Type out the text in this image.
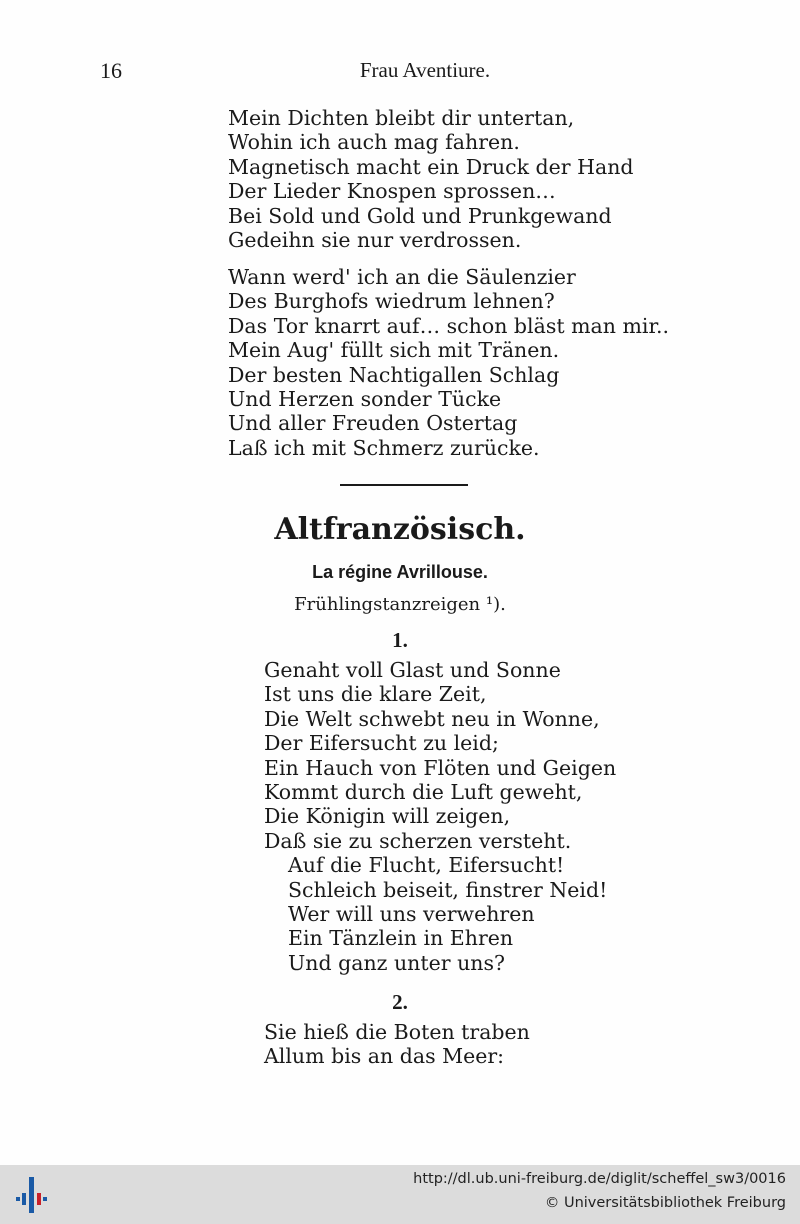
16	Frau Aventiure.
Mein Dichten bleibt dir untertan,
Wohin ich auch mag fahren.
Magnetisch macht ein Druck der Hand
Der Lieder Knospen sprossen…
Bei Sold und Gold und Prunkgewand
Gedeihn sie nur verdrossen.
Wann werd' ich an die Säulenzier
Des Burghofs wiedrum lehnen?
Das Tor knarrt auf… schon bläst man mir..
Mein Aug' füllt sich mit Tränen.
Der besten Nachtigallen Schlag
Und Herzen sonder Tücke
Und aller Freuden Ostertag
Laß ich mit Schmerz zurücke.
Altfranzösisch.
La régine Avrillouse.
Frühlingstanzreigen ¹).
1.
Genaht voll Glast und Sonne
Ist uns die klare Zeit,
Die Welt schwebt neu in Wonne,
Der Eifersucht zu leid;
Ein Hauch von Flöten und Geigen
Kommt durch die Luft geweht,
Die Königin will zeigen,
Daß sie zu scherzen versteht.
Auf die Flucht, Eifersucht!
Schleich beiseit, finstrer Neid!
Wer will uns verwehren
Ein Tänzlein in Ehren
Und ganz unter uns?
2.
Sie hieß die Boten traben
Allum bis an das Meer:
http://dl.ub.uni-freiburg.de/diglit/scheffel_sw3/0016
© Universitätsbibliothek Freiburg
